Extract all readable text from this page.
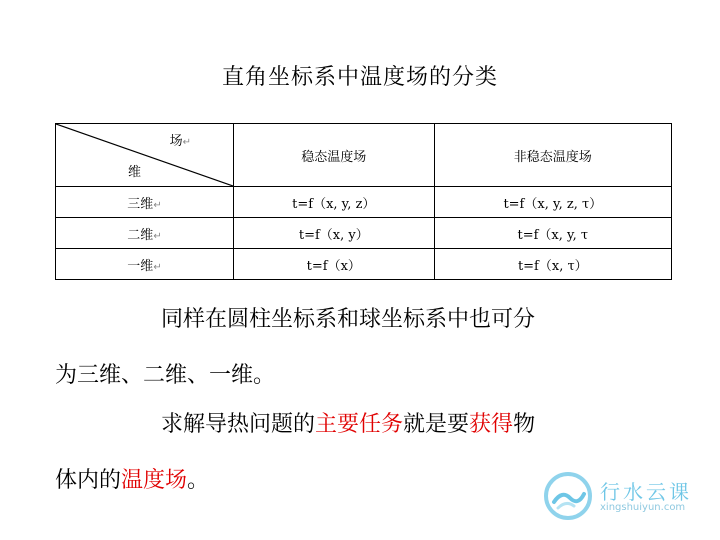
直角坐标系中温度场的分类
场↵
维	稳态温度场	非稳态温度场
三维↵	t=f（x, y, z）	t=f（x, y, z, τ）
二维↵	t=f（x, y）	t=f（x, y, τ
一维↵	t=f（x）	t=f（x, τ）
同样在圆柱坐标系和球坐标系中也可分
为三维、二维、一维。
求解导热问题的主要任务就是要获得物
体内的温度场。	行水云课
xingshuiyun.com
